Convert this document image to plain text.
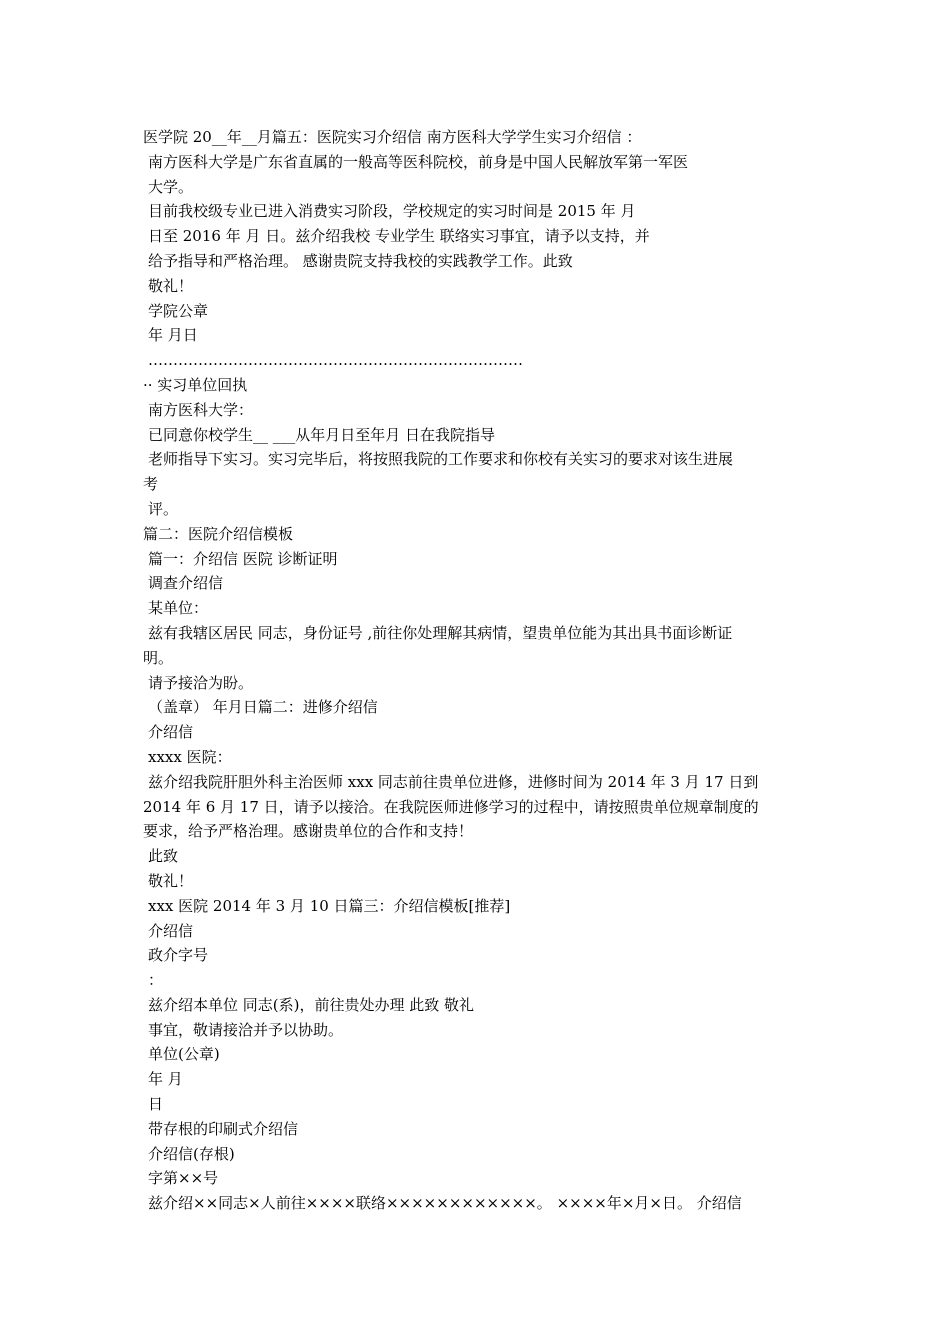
医学院 20__年__月篇五：医院实习介绍信 南方医科大学学生实习介绍信 ：
南方医科大学是广东省直属的一般高等医科院校，前身是中国人民解放军第一军医
大学。
目前我校级专业已进入消费实习阶段，学校规定的实习时间是 2015 年 月
日至 2016 年 月 日。兹介绍我校 专业学生 联络实习事宜，请予以支持，并
给予指导和严格治理。 感谢贵院支持我校的实践教学工作。此致
敬礼！
学院公章
年 月日
…………………………………………………………………
·· 实习单位回执
南方医科大学：
已同意你校学生__ ___从年月日至年月 日在我院指导
老师指导下实习。实习完毕后，将按照我院的工作要求和你校有关实习的要求对该生进展
考
评。
篇二：医院介绍信模板
篇一：介绍信 医院 诊断证明
调查介绍信
某单位：
兹有我辖区居民 同志，身份证号 ,前往你处理解其病情，望贵单位能为其出具书面诊断证
明。
请予接洽为盼。
（盖章） 年月日篇二：进修介绍信
介绍信
xxxx 医院：
兹介绍我院肝胆外科主治医师 xxx 同志前往贵单位进修，进修时间为 2014 年 3 月 17 日到
2014 年 6 月 17 日，请予以接洽。在我院医师进修学习的过程中，请按照贵单位规章制度的
要求，给予严格治理。感谢贵单位的合作和支持！
此致
敬礼！
xxx 医院 2014 年 3 月 10 日篇三：介绍信模板[推荐]
介绍信
政介字号
：
兹介绍本单位 同志(系)，前往贵处办理 此致 敬礼
事宜，敬请接洽并予以协助。
单位(公章)
年 月
日
带存根的印刷式介绍信
介绍信(存根)
字第××号
兹介绍××同志×人前往××××联络××××××××××××。 ××××年×月×日。 介绍信
